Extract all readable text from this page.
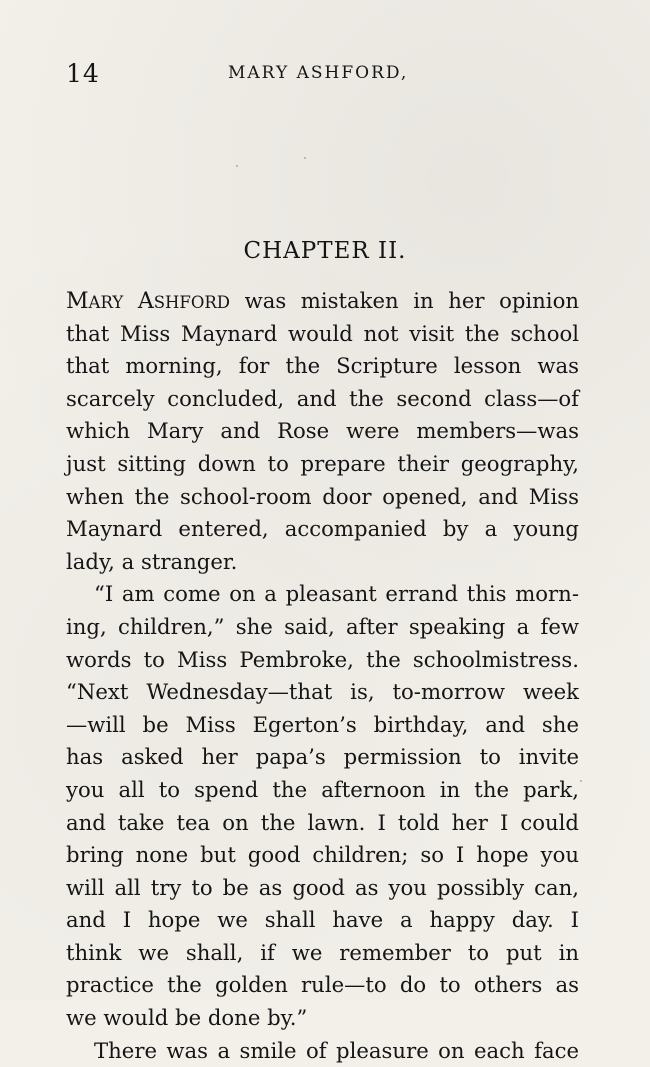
14	MARY ASHFORD,
CHAPTER II.
MARY ASHFORD was mistaken in her opinion
that Miss Maynard would not visit the school
that morning, for the Scripture lesson was
scarcely concluded, and the second class—of
which Mary and Rose were members—was
just sitting down to prepare their geography,
when the school-room door opened, and Miss
Maynard entered, accompanied by a young
lady, a stranger.
“I am come on a pleasant errand this morn-
ing, children,” she said, after speaking a few
words to Miss Pembroke, the schoolmistress.
“Next Wednesday—that is, to-morrow week
—will be Miss Egerton’s birthday, and she
has asked her papa’s permission to invite
you all to spend the afternoon in the park,
and take tea on the lawn. I told her I could
bring none but good children; so I hope you
will all try to be as good as you possibly can,
and I hope we shall have a happy day. I
think we shall, if we remember to put in
practice the golden rule—to do to others as
we would be done by.”
There was a smile of pleasure on each face
